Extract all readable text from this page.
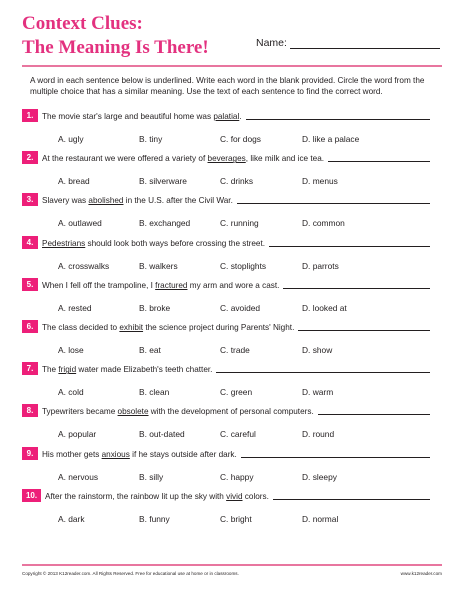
Context Clues:
The Meaning Is There!	Name:
A word in each sentence below is underlined. Write each word in the blank provided. Circle the word from the multiple choice that has a similar meaning. Use the text of each sentence to find the correct word.
1.	The movie star's large and beautiful home was palatial.
A. ugly	B. tiny	C. for dogs	D. like a palace
2.	At the restaurant we were offered a variety of beverages, like milk and ice tea.
A. bread	B. silverware	C. drinks	D. menus
3.	Slavery was abolished in the U.S. after the Civil War.
A. outlawed	B. exchanged	C. running	D. common
4.	Pedestrians should look both ways before crossing the street.
A. crosswalks	B. walkers	C. stoplights	D. parrots
5.	When I fell off the trampoline, I fractured my arm and wore a cast.
A. rested	B. broke	C. avoided	D. looked at
6.	The class decided to exhibit the science project during Parents' Night.
A. lose	B. eat	C. trade	D. show
7.	The frigid water made Elizabeth's teeth chatter.
A. cold	B. clean	C. green	D. warm
8.	Typewriters became obsolete with the development of personal computers.
A. popular	B. out-dated	C. careful	D. round
9.	His mother gets anxious if he stays outside after dark.
A. nervous	B. silly	C. happy	D. sleepy
10. After the rainstorm, the rainbow lit up the sky with vivid colors.
A. dark	B. funny	C. bright	D. normal
Copyright © 2013 K12reader.com. All Rights Reserved. Free for educational use at home or in classrooms.	www.k12reader.com
